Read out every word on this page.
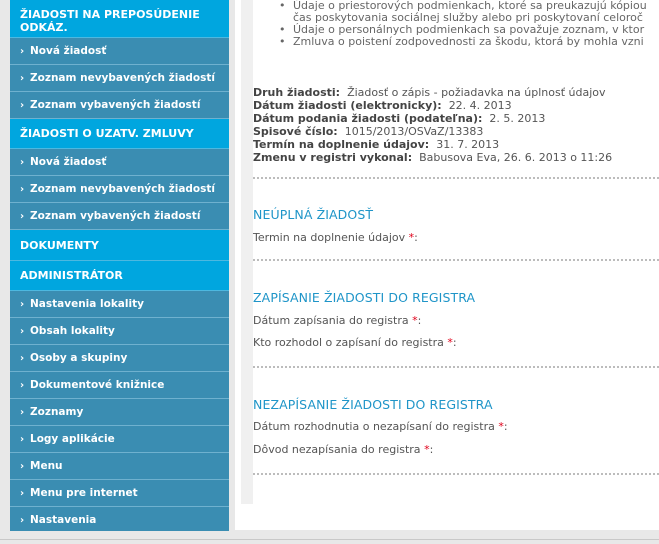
ŽIADOSTI NA PREPOSÚDENIE ODKÁZ.
› Nová žiadosť
› Zoznam nevybavených žiadostí
› Zoznam vybavených žiadostí
ŽIADOSTI O UZATV. ZMLUVY
› Nová žiadosť
› Zoznam nevybavených žiadostí
› Zoznam vybavených žiadostí
DOKUMENTY
ADMINISTRÁTOR
› Nastavenia lokality
› Obsah lokality
› Osoby a skupiny
› Dokumentové knižnice
› Zoznamy
› Logy aplikácie
› Menu
› Menu pre internet
› Nastavenia
• Údaje o priestorových podmienkach, ktoré sa preukazujú kópiou
čas poskytovania sociálnej služby alebo pri poskytovaní celoroč
• Údaje o personálnych podmienkach sa považuje zoznam, v ktor
• Zmluva o poistení zodpovednosti za škodu, ktorá by mohla vzni
Druh žiadosti: Žiadosť o zápis - požiadavka na úplnosť údajov
Dátum žiadosti (elektronicky): 22. 4. 2013
Dátum podania žiadosti (podateľna): 2. 5. 2013
Spisové číslo: 1015/2013/OSVaZ/13383
Termín na doplnenie údajov: 31. 7. 2013
Zmenu v registri vykonal: Babusova Eva, 26. 6. 2013 o 11:26
NEÚPLNÁ ŽIADOSŤ
Termin na doplnenie údajov *:
ZAPÍSANIE ŽIADOSTI DO REGISTRA
Dátum zapísania do registra *:
Kto rozhodol o zapísaní do registra *:
NEZAPÍSANIE ŽIADOSTI DO REGISTRA
Dátum rozhodnutia o nezapísaní do registra *:
Dôvod nezapísania do registra *:
